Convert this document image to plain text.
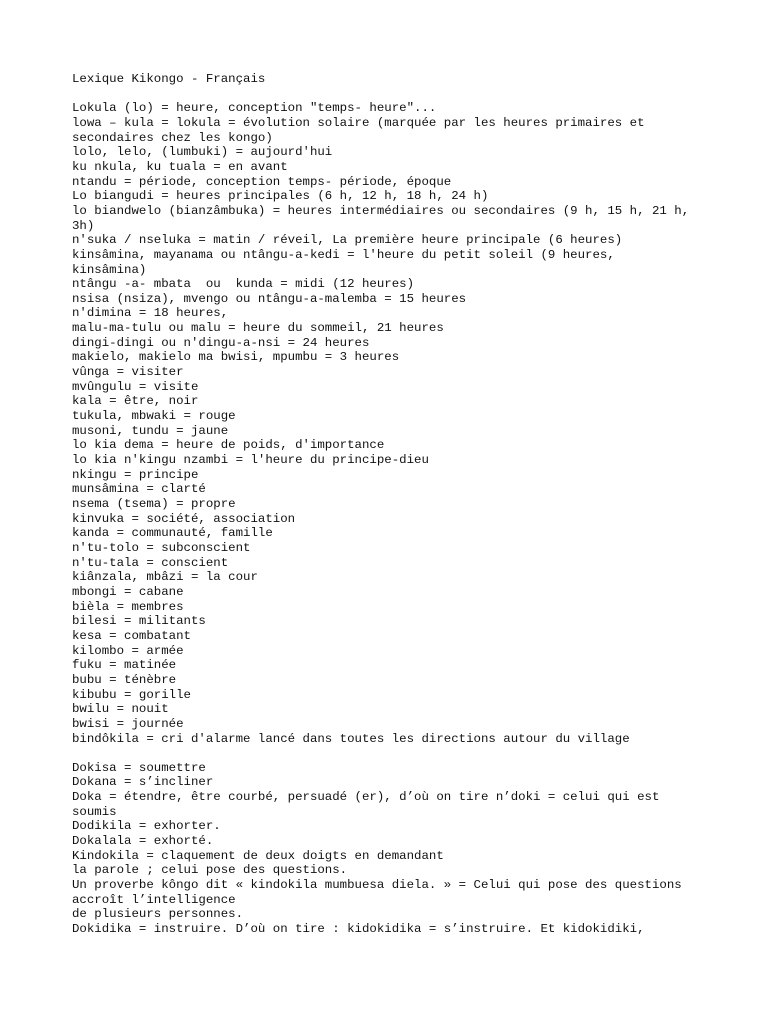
Lexique Kikongo - Français
Lokula (lo) = heure, conception "temps- heure"...
lowa – kula = lokula = évolution solaire (marquée par les heures primaires et
secondaires chez les kongo)
lolo, lelo, (lumbuki) = aujourd'hui
ku nkula, ku tuala = en avant
ntandu = période, conception temps- période, époque
Lo biangudi = heures principales (6 h, 12 h, 18 h, 24 h)
lo biandwelo (bianzâmbuka) = heures intermédiaires ou secondaires (9 h, 15 h, 21 h,
3h)
n'suka / nseluka = matin / réveil, La première heure principale (6 heures)
kinsâmina, mayanama ou ntângu-a-kedi = l'heure du petit soleil (9 heures,
kinsâmina)
ntângu -a- mbata  ou  kunda = midi (12 heures)
nsisa (nsiza), mvengo ou ntângu-a-malemba = 15 heures
n'dimina = 18 heures,
malu-ma-tulu ou malu = heure du sommeil, 21 heures
dingi-dingi ou n'dingu-a-nsi = 24 heures
makielo, makielo ma bwisi, mpumbu = 3 heures
vûnga = visiter
mvûngulu = visite
kala = être, noir
tukula, mbwaki = rouge
musoni, tundu = jaune
lo kia dema = heure de poids, d'importance
lo kia n'kingu nzambi = l'heure du principe-dieu
nkingu = principe
munsâmina = clarté
nsema (tsema) = propre
kinvuka = société, association
kanda = communauté, famille
n'tu-tolo = subconscient
n'tu-tala = conscient
kiânzala, mbâzi = la cour
mbongi = cabane
bièla = membres
bilesi = militants
kesa = combatant
kilombo = armée
fuku = matinée
bubu = ténèbre
kibubu = gorille
bwilu = nouit
bwisi = journée
bindôkila = cri d'alarme lancé dans toutes les directions autour du village
Dokisa = soumettre
Dokana = s’incliner
Doka = étendre, être courbé, persuadé (er), d’où on tire n’doki = celui qui est
soumis
Dodikila = exhorter.
Dokalala = exhorté.
Kindokila = claquement de deux doigts en demandant
la parole ; celui pose des questions.
Un proverbe kôngo dit « kindokila mumbuesa diela. » = Celui qui pose des questions
accroît l’intelligence
de plusieurs personnes.
Dokidika = instruire. D’où on tire : kidokidika = s’instruire. Et kidokidiki,
